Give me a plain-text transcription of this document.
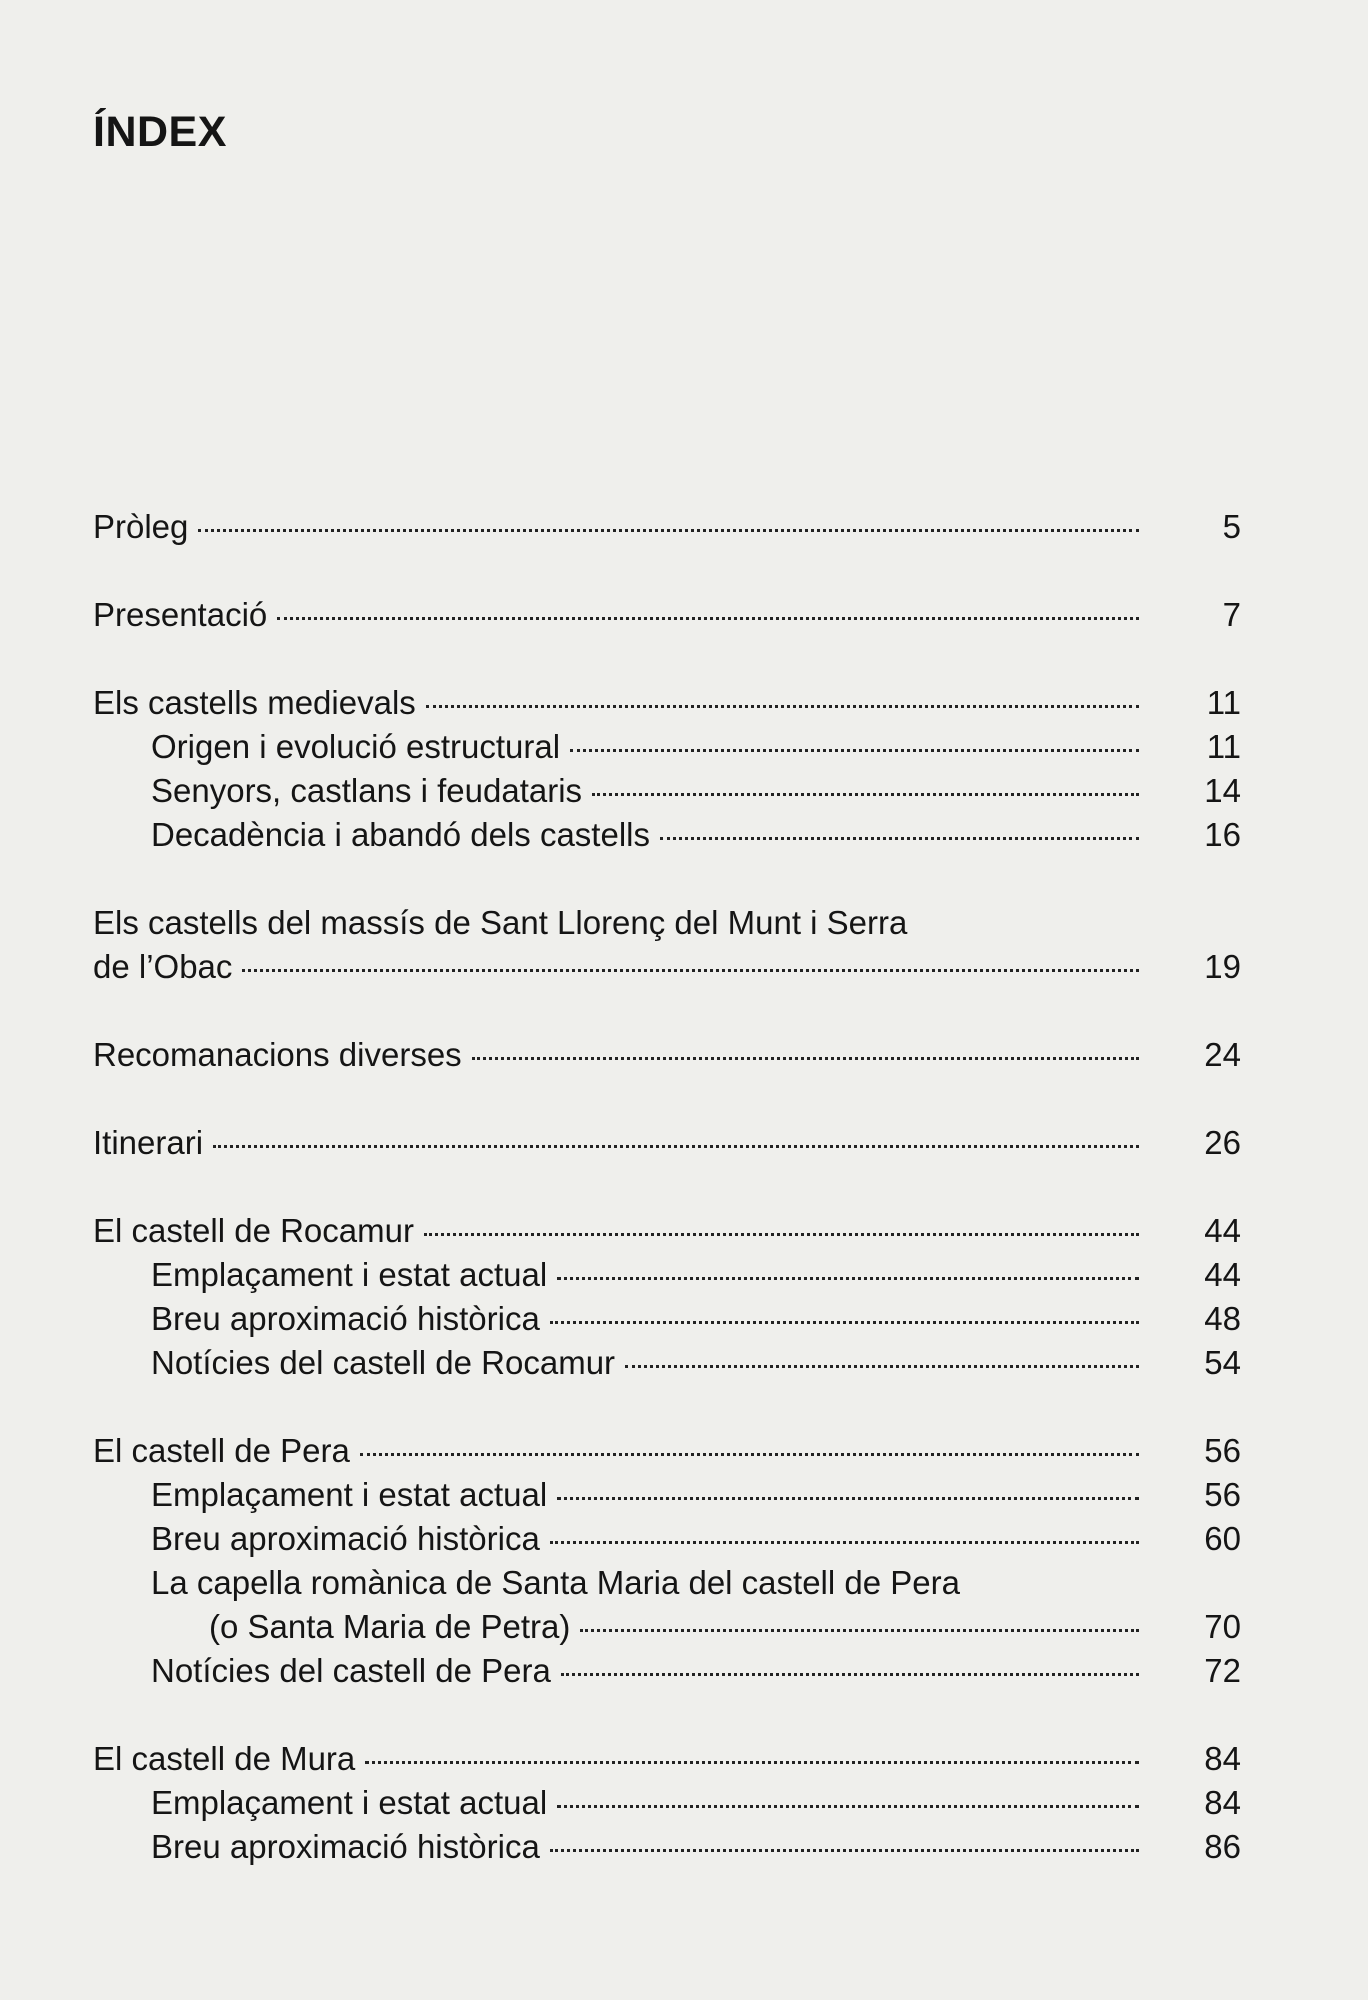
ÍNDEX
Pròleg	5
Presentació	7
Els castells medievals	11
Origen i evolució estructural	11
Senyors, castlans i feudataris	14
Decadència i abandó dels castells	16
Els castells del massís de Sant Llorenç del Munt i Serra
de l’Obac	19
Recomanacions diverses	24
Itinerari	26
El castell de Rocamur	44
Emplaçament i estat actual	44
Breu aproximació històrica	48
Notícies del castell de Rocamur	54
El castell de Pera	56
Emplaçament i estat actual	56
Breu aproximació històrica	60
La capella romànica de Santa Maria del castell de Pera
(o Santa Maria de Petra)	70
Notícies del castell de Pera	72
El castell de Mura	84
Emplaçament i estat actual	84
Breu aproximació històrica	86
